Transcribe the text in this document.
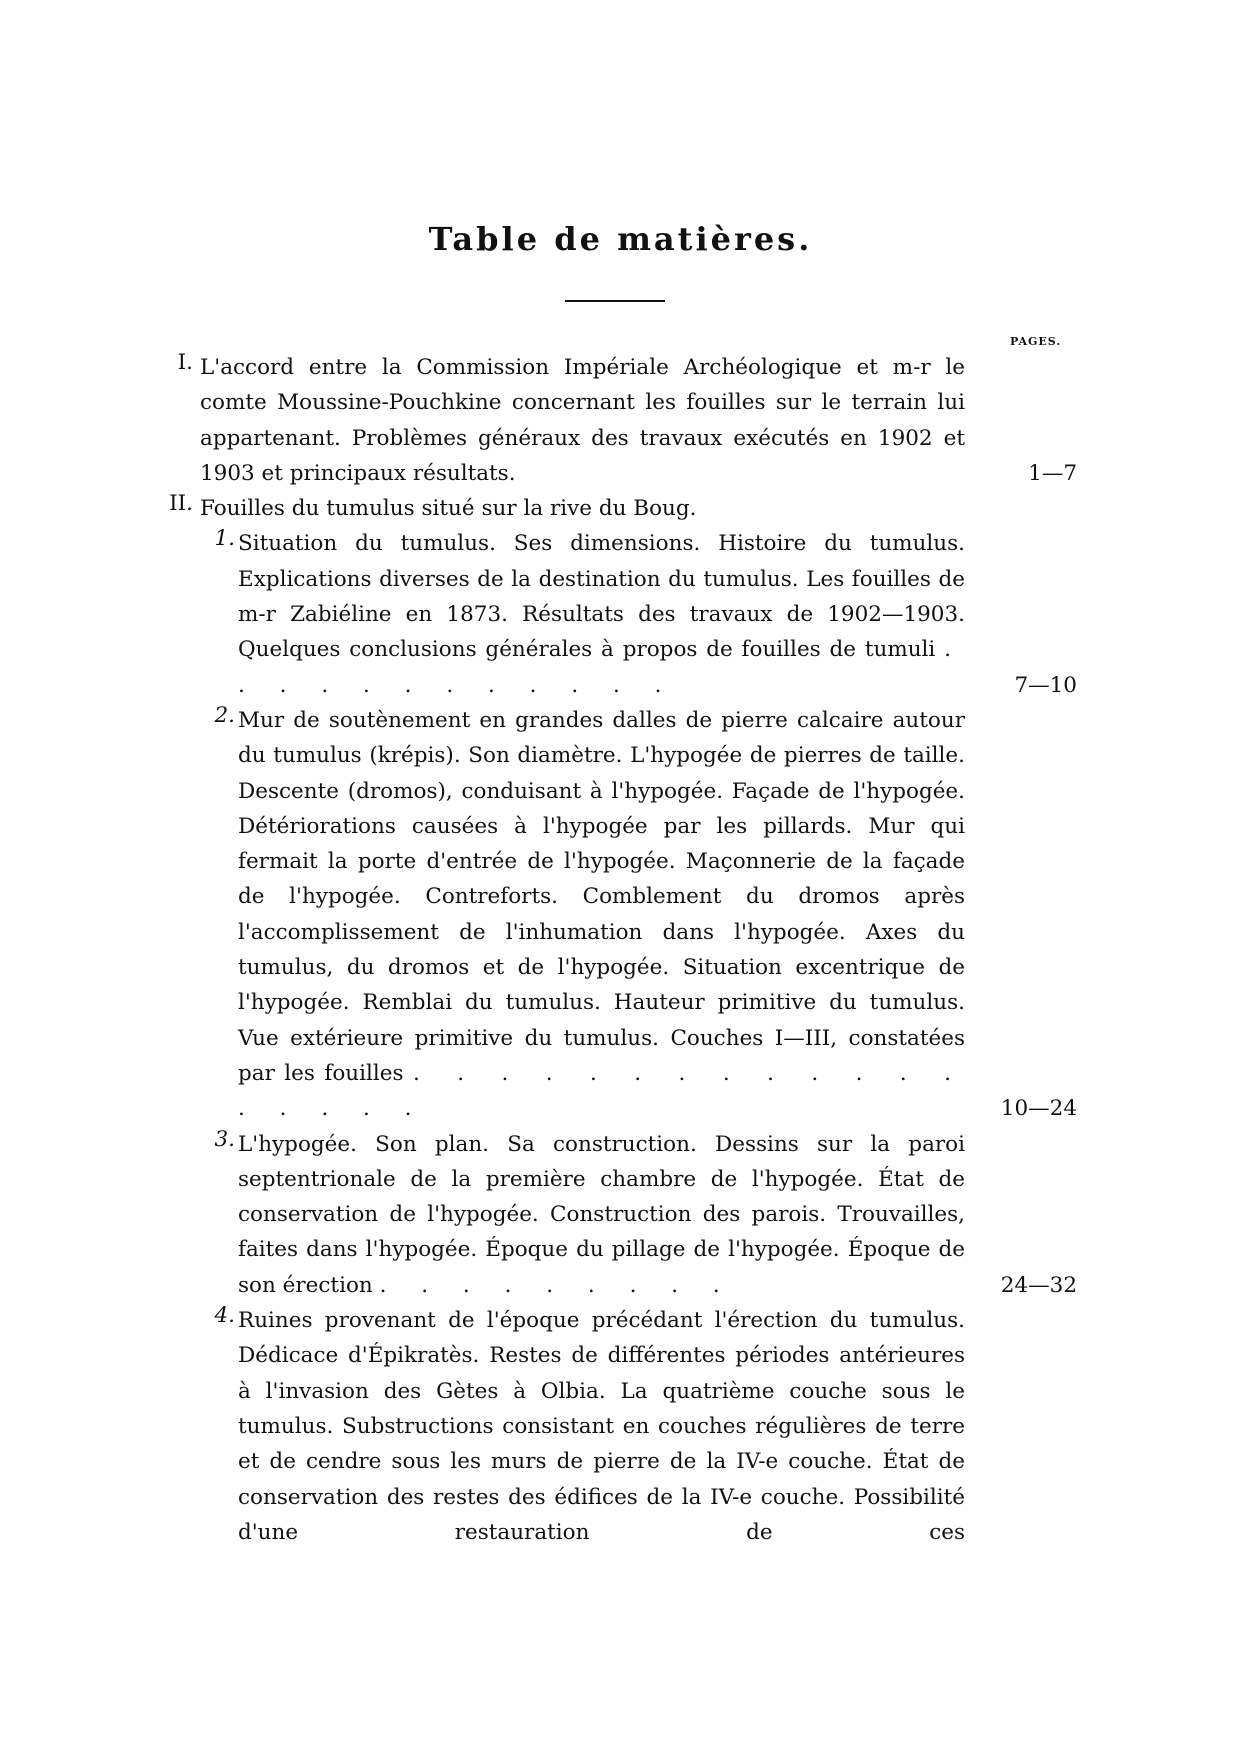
Table de matières.
PAGES.
I. L'accord entre la Commission Impériale Archéologique et m-r le comte Moussine-Pouchkine concernant les fouilles sur le terrain lui appartenant. Problèmes généraux des travaux exécutés en 1902 et 1903 et principaux résultats.	1—7
II. Fouilles du tumulus situé sur la rive du Boug.
1. Situation du tumulus. Ses dimensions. Histoire du tumulus. Explications diverses de la destination du tumulus. Les fouilles de m-r Zabiéline en 1873. Résultats des travaux de 1902—1903. Quelques conclusions générales à propos de fouilles de tumuli . . . . . . . . . . . .	7—10
2. Mur de soutènement en grandes dalles de pierre calcaire autour du tumulus (krépis). Son diamètre. L'hypogée de pierres de taille. Descente (dromos), conduisant à l'hypogée. Façade de l'hypogée. Détériorations causées à l'hypogée par les pillards. Mur qui fermait la porte d'entrée de l'hypogée. Maçonnerie de la façade de l'hypogée. Contreforts. Comblement du dromos après l'accomplissement de l'inhumation dans l'hypogée. Axes du tumulus, du dromos et de l'hypogée. Situation excentrique de l'hypogée. Remblai du tumulus. Hauteur primitive du tumulus. Vue extérieure primitive du tumulus. Couches I—III, constatées par les fouilles . . . . . . . . . . . . . . . . . .	10—24
3. L'hypogée. Son plan. Sa construction. Dessins sur la paroi septentrionale de la première chambre de l'hypogée. État de conservation de l'hypogée. Construction des parois. Trouvailles, faites dans l'hypogée. Époque du pillage de l'hypogée. Époque de son érection . . . . . . . . .	24—32
4. Ruines provenant de l'époque précédant l'érection du tumulus. Dédicace d'Épikratès. Restes de différentes périodes antérieures à l'invasion des Gètes à Olbia. La quatrième couche sous le tumulus. Substructions consistant en couches régulières de terre et de cendre sous les murs de pierre de la IV-e couche. État de conservation des restes des édifices de la IV-e couche. Possibilité d'une restauration de ces
